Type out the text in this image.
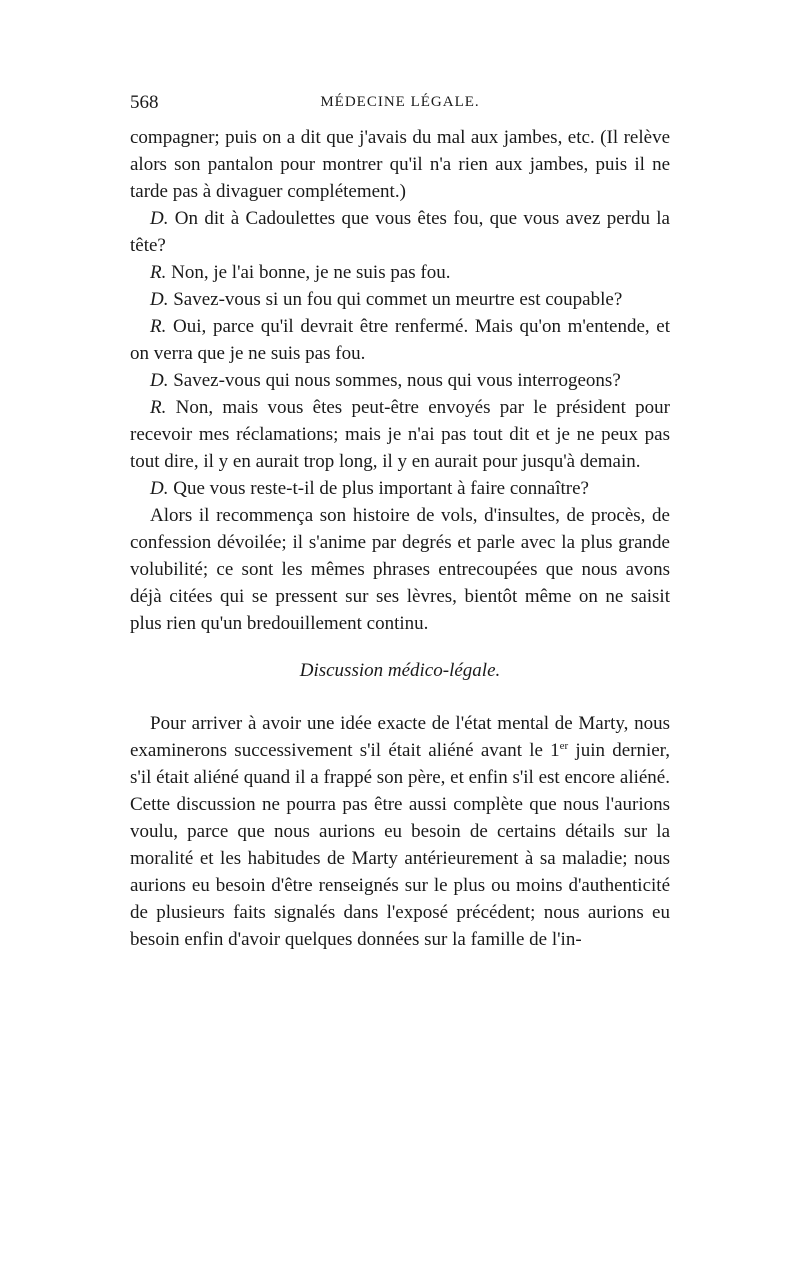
568	MÉDECINE LÉGALE.

compagner; puis on a dit que j'avais du mal aux jambes, etc. (Il relève alors son pantalon pour montrer qu'il n'a rien aux jambes, puis il ne tarde pas à divaguer complétement.)

D. On dit à Cadoulettes que vous êtes fou, que vous avez perdu la tête?

R. Non, je l'ai bonne, je ne suis pas fou.

D. Savez-vous si un fou qui commet un meurtre est coupable?

R. Oui, parce qu'il devrait être renfermé. Mais qu'on m'entende, et on verra que je ne suis pas fou.

D. Savez-vous qui nous sommes, nous qui vous interrogeons?

R. Non, mais vous êtes peut-être envoyés par le président pour recevoir mes réclamations; mais je n'ai pas tout dit et je ne peux pas tout dire, il y en aurait trop long, il y en aurait pour jusqu'à demain.

D. Que vous reste-t-il de plus important à faire connaître?

Alors il recommença son histoire de vols, d'insultes, de procès, de confession dévoilée; il s'anime par degrés et parle avec la plus grande volubilité; ce sont les mêmes phrases entrecoupées que nous avons déjà citées qui se pressent sur ses lèvres, bientôt même on ne saisit plus rien qu'un bredouillement continu.

Discussion médico-légale.

Pour arriver à avoir une idée exacte de l'état mental de Marty, nous examinerons successivement s'il était aliéné avant le 1er juin dernier, s'il était aliéné quand il a frappé son père, et enfin s'il est encore aliéné. Cette discussion ne pourra pas être aussi complète que nous l'aurions voulu, parce que nous aurions eu besoin de certains détails sur la moralité et les habitudes de Marty antérieurement à sa maladie; nous aurions eu besoin d'être renseignés sur le plus ou moins d'authenticité de plusieurs faits signalés dans l'exposé précédent; nous aurions eu besoin enfin d'avoir quelques données sur la famille de l'in-
